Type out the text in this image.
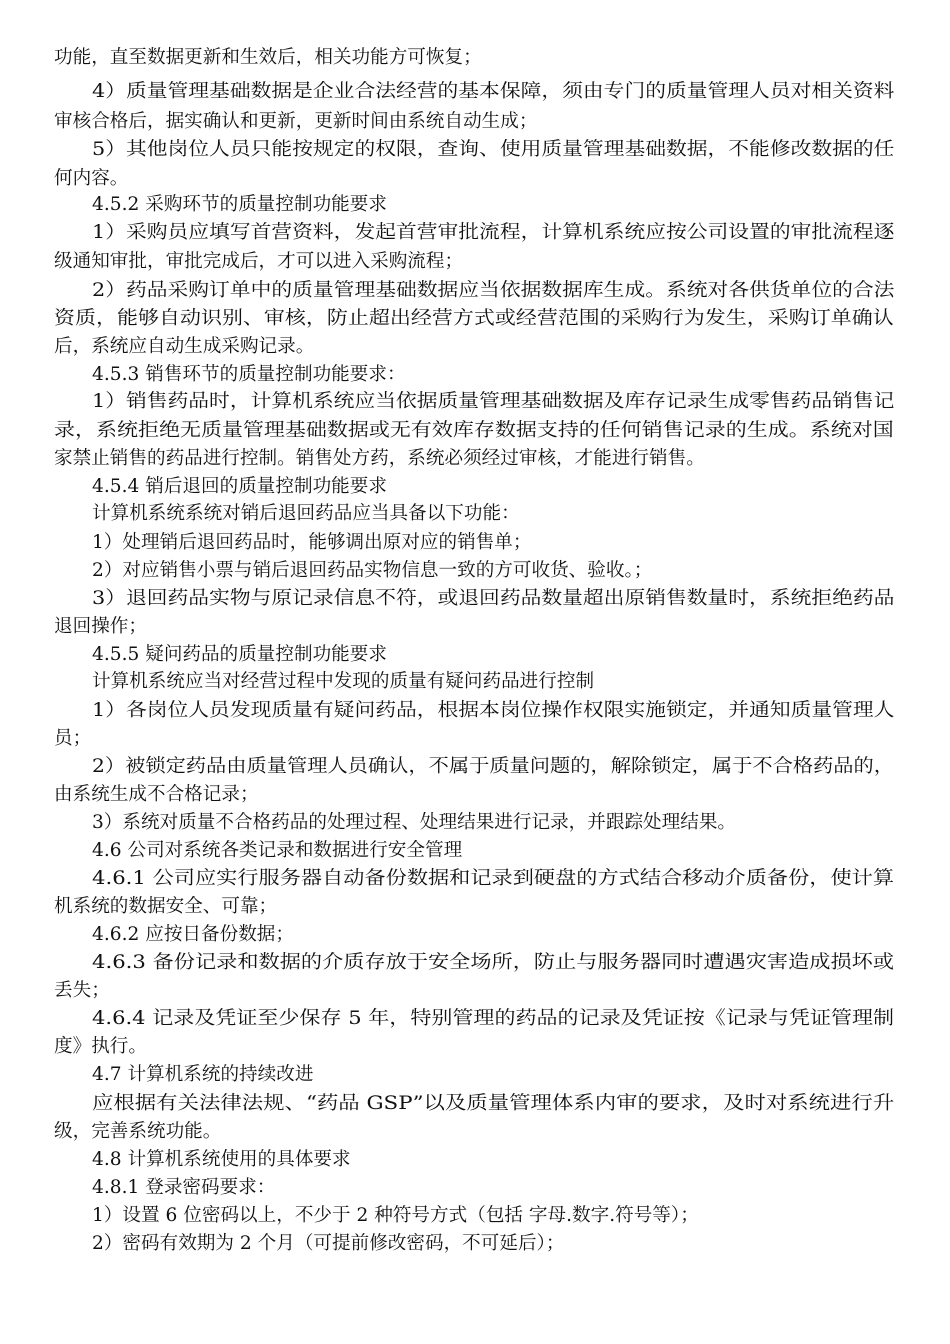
功能，直至数据更新和生效后，相关功能方可恢复；
4）质量管理基础数据是企业合法经营的基本保障，须由专门的质量管理人员对相关资料
审核合格后，据实确认和更新，更新时间由系统自动生成；
5）其他岗位人员只能按规定的权限，查询、使用质量管理基础数据，不能修改数据的任
何内容。
4.5.2 采购环节的质量控制功能要求
1）采购员应填写首营资料，发起首营审批流程，计算机系统应按公司设置的审批流程逐
级通知审批，审批完成后，才可以进入采购流程；
2）药品采购订单中的质量管理基础数据应当依据数据库生成。系统对各供货单位的合法
资质，能够自动识别、审核，防止超出经营方式或经营范围的采购行为发生，采购订单确认
后，系统应自动生成采购记录。
4.5.3 销售环节的质量控制功能要求：
1）销售药品时，计算机系统应当依据质量管理基础数据及库存记录生成零售药品销售记
录，系统拒绝无质量管理基础数据或无有效库存数据支持的任何销售记录的生成。系统对国
家禁止销售的药品进行控制。销售处方药，系统必须经过审核，才能进行销售。
4.5.4 销后退回的质量控制功能要求
计算机系统系统对销后退回药品应当具备以下功能：
1）处理销后退回药品时，能够调出原对应的销售单；
2）对应销售小票与销后退回药品实物信息一致的方可收货、验收。；
3）退回药品实物与原记录信息不符，或退回药品数量超出原销售数量时，系统拒绝药品
退回操作；
4.5.5 疑问药品的质量控制功能要求
计算机系统应当对经营过程中发现的质量有疑问药品进行控制
1）各岗位人员发现质量有疑问药品，根据本岗位操作权限实施锁定，并通知质量管理人
员；
2）被锁定药品由质量管理人员确认，不属于质量问题的，解除锁定，属于不合格药品的，
由系统生成不合格记录；
3）系统对质量不合格药品的处理过程、处理结果进行记录，并跟踪处理结果。
4.6 公司对系统各类记录和数据进行安全管理
4.6.1 公司应实行服务器自动备份数据和记录到硬盘的方式结合移动介质备份，使计算
机系统的数据安全、可靠；
4.6.2 应按日备份数据；
4.6.3 备份记录和数据的介质存放于安全场所，防止与服务器同时遭遇灾害造成损坏或
丢失；
4.6.4 记录及凭证至少保存 5 年，特别管理的药品的记录及凭证按《记录与凭证管理制
度》执行。
4.7 计算机系统的持续改进
应根据有关法律法规、“药品 GSP”以及质量管理体系内审的要求，及时对系统进行升
级，完善系统功能。
4.8 计算机系统使用的具体要求
4.8.1 登录密码要求：
1）设置 6 位密码以上，不少于 2 种符号方式（包括 字母.数字.符号等）；
2）密码有效期为 2 个月（可提前修改密码，不可延后）；
